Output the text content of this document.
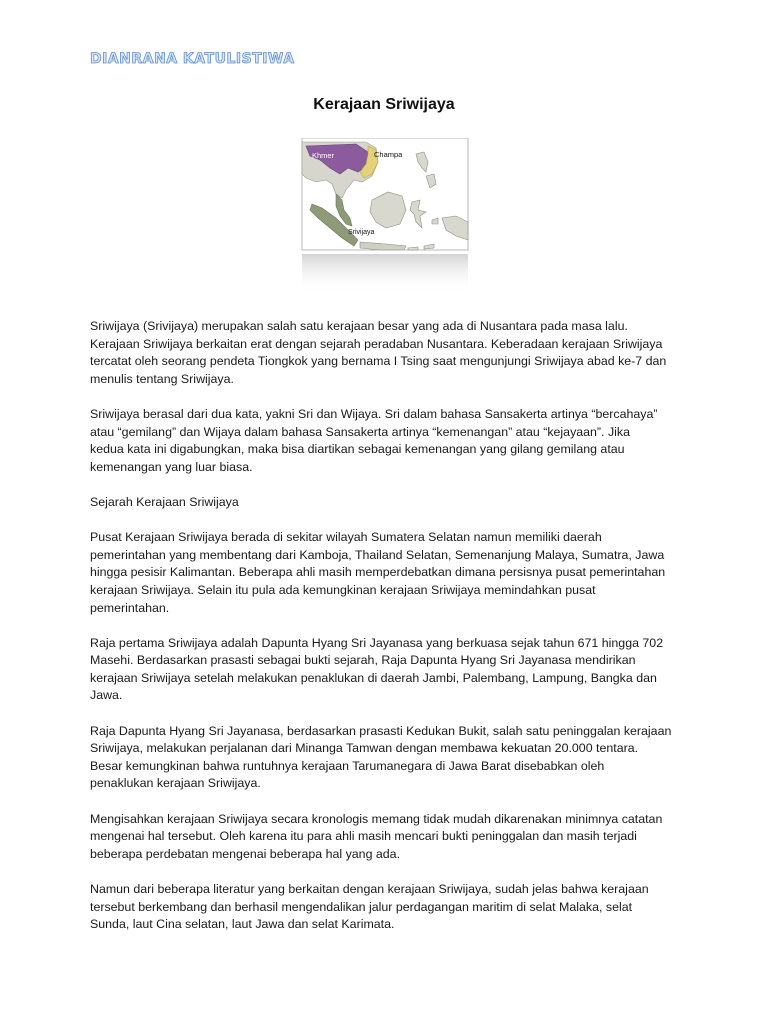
DIANRANA KATULISTIWA
Kerajaan Sriwijaya
Khmer	Champa
Srivijaya

Sriwijaya (Srivijaya) merupakan salah satu kerajaan besar yang ada di Nusantara pada masa lalu.
Kerajaan Sriwijaya berkaitan erat dengan sejarah peradaban Nusantara. Keberadaan kerajaan Sriwijaya
tercatat oleh seorang pendeta Tiongkok yang bernama I Tsing saat mengunjungi Sriwijaya abad ke-7 dan
menulis tentang Sriwijaya.

Sriwijaya berasal dari dua kata, yakni Sri dan Wijaya. Sri dalam bahasa Sansakerta artinya “bercahaya”
atau “gemilang” dan Wijaya dalam bahasa Sansakerta artinya “kemenangan” atau “kejayaan”. Jika
kedua kata ini digabungkan, maka bisa diartikan sebagai kemenangan yang gilang gemilang atau
kemenangan yang luar biasa.

Sejarah Kerajaan Sriwijaya

Pusat Kerajaan Sriwijaya berada di sekitar wilayah Sumatera Selatan namun memiliki daerah
pemerintahan yang membentang dari Kamboja, Thailand Selatan, Semenanjung Malaya, Sumatra, Jawa
hingga pesisir Kalimantan. Beberapa ahli masih memperdebatkan dimana persisnya pusat pemerintahan
kerajaan Sriwijaya. Selain itu pula ada kemungkinan kerajaan Sriwijaya memindahkan pusat
pemerintahan.

Raja pertama Sriwijaya adalah Dapunta Hyang Sri Jayanasa yang berkuasa sejak tahun 671 hingga 702
Masehi. Berdasarkan prasasti sebagai bukti sejarah, Raja Dapunta Hyang Sri Jayanasa mendirikan
kerajaan Sriwijaya setelah melakukan penaklukan di daerah Jambi, Palembang, Lampung, Bangka dan
Jawa.

Raja Dapunta Hyang Sri Jayanasa, berdasarkan prasasti Kedukan Bukit, salah satu peninggalan kerajaan
Sriwijaya, melakukan perjalanan dari Minanga Tamwan dengan membawa kekuatan 20.000 tentara.
Besar kemungkinan bahwa runtuhnya kerajaan Tarumanegara di Jawa Barat disebabkan oleh
penaklukan kerajaan Sriwijaya.

Mengisahkan kerajaan Sriwijaya secara kronologis memang tidak mudah dikarenakan minimnya catatan
mengenai hal tersebut. Oleh karena itu para ahli masih mencari bukti peninggalan dan masih terjadi
beberapa perdebatan mengenai beberapa hal yang ada.

Namun dari beberapa literatur yang berkaitan dengan kerajaan Sriwijaya, sudah jelas bahwa kerajaan
tersebut berkembang dan berhasil mengendalikan jalur perdagangan maritim di selat Malaka, selat
Sunda, laut Cina selatan, laut Jawa dan selat Karimata.
